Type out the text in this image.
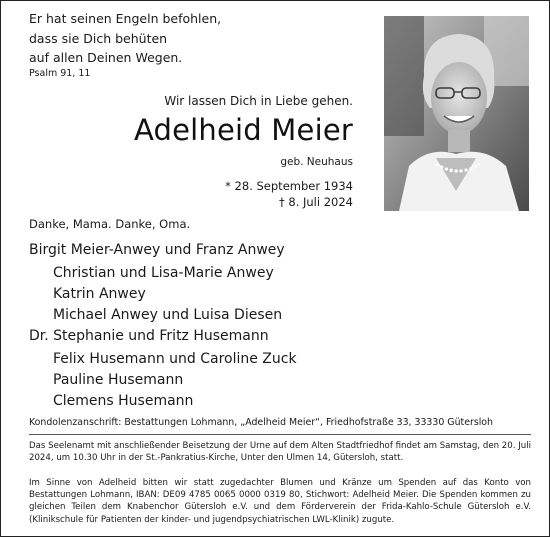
Er hat seinen Engeln befohlen,
dass sie Dich behüten
auf allen Deinen Wegen.
Psalm 91, 11
Wir lassen Dich in Liebe gehen.
Adelheid Meier
geb. Neuhaus
* 28. September 1934
† 8. Juli 2024
Danke, Mama. Danke, Oma.
Birgit Meier-Anwey und Franz Anwey
Christian und Lisa-Marie Anwey
Katrin Anwey
Michael Anwey und Luisa Diesen
Dr. Stephanie und Fritz Husemann
Felix Husemann und Caroline Zuck
Pauline Husemann
Clemens Husemann
Kondolenzanschrift: Bestattungen Lohmann, „Adelheid Meier“, Friedhofstraße 33, 33330 Gütersloh
Das Seelenamt mit anschließender Beisetzung der Urne auf dem Alten Stadtfriedhof findet am Samstag, den 20. Juli 2024, um 10.30 Uhr in der St.-Pankratius-Kirche, Unter den Ulmen 14, Gütersloh, statt.
Im Sinne von Adelheid bitten wir statt zugedachter Blumen und Kränze um Spenden auf das Konto von Bestattungen Lohmann, IBAN: DE09 4785 0065 0000 0319 80, Stichwort: Adelheid Meier. Die Spenden kommen zu gleichen Teilen dem Knabenchor Gütersloh e.V. und dem Förderverein der Frida-Kahlo-Schule Gütersloh e.V. (Klinikschule für Patienten der kinder- und jugendpsychiatrischen LWL-Klinik) zugute.
